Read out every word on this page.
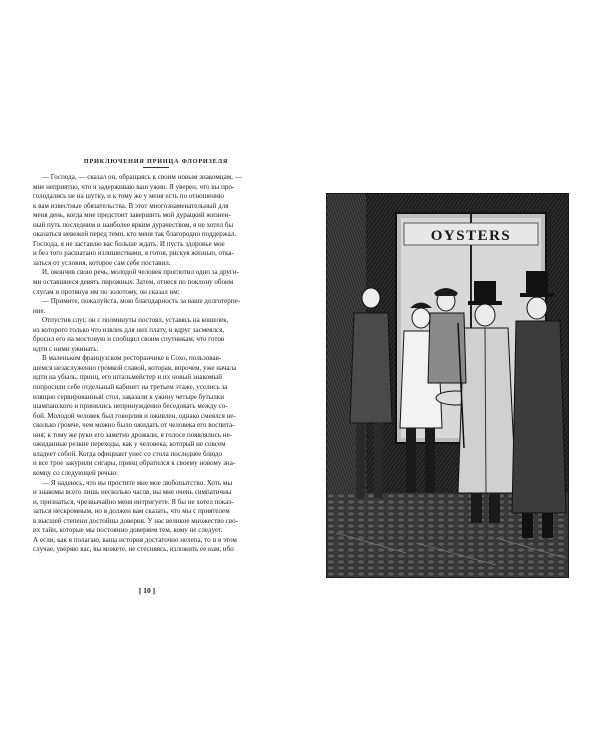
ПРИКЛЮЧЕНИЯ ПРИНЦА ФЛОРИЗЕЛЯ
— Господа, — сказал он, обращаясь к своим новым знакомцам, —
мне неприятно, что я задерживаю ваш ужин. Я уверен, что вы про-
голодались не на шутку, и к тому же у меня есть по отношению
к вам известные обязательства. В этот многознаменательный для
меня день, когда мне предстоит завершить мой дурацкий жизнен-
ный путь последним и наиболее ярким дурачеством, я не хотел бы
оказаться невежей перед теми, кто меня так благородно поддержал.
Господа, я не заставлю вас больше ждать. И пусть здоровье мое
и без того расшатано излишествами, я готов, рискуя жизнью, отка-
заться от условия, которое сам себе поставил.
И, окончив свою речь, молодой человек проглотил одно за други-
ми оставшиеся девять пирожных. Затем, отнеся по поклону обоим
слугам и протянув им по золотому, он сказал им:
— Примите, пожалуйста, мою благодарность за ваше долготерпе-
ние.
Отпустив слуг, он с полминуты постоял, уставясь на кошелек,
из которого только что извлек для них плату, и вдруг засмеялся,
бросил его на мостовую и сообщил своим спутникам, что готов
идти с ними ужинать.
В маленьком французском ресторанчике в Сохо, пользовав-
шемся незаслуженно громкой славой, которая, впрочем, уже начала
идти на убыль, принц, его штальмейстер и их новый знакомый
попросили себе отдельный кабинет на третьем этаже, уселись за
изящно сервированный стол, заказали к ужину четыре бутылки
шампанского и принялись непринужденно беседовать между со-
бой. Молодой человек был говорлив и оживлен, однако смеялся не-
сколько громче, чем можно было ожидать от человека его воспита-
ния; к тому же руки его заметно дрожали, в голосе появлялись не-
ожиданные резкие переходы, как у человека, который не совсем
владеет собой. Когда официант унес со стола последнее блюдо
и все трое закурили сигары, принц обратился к своему новому зна-
комцу со следующей речью:
— Я надеюсь, что вы простите мне мое любопытство. Хоть мы
и знакомы всего лишь несколько часов, вы мне очень симпатичны
и, признаться, чрезвычайно меня интригуете. Я бы не хотел показ-
заться нескромным, но я должен вам сказать, что мы с приятелем
в высшей степени достойны доверия. У нас великое множество сво-
их тайн, которые мы постоянно доверяем тем, кому не следует.
А если, как я полагаю, ваша история достаточно нелепа, то и в этом
случае, уверяю вас, вы можете, не стесняясь, изложить ее нам, ибо
[ 10 ]
OYSTERS
